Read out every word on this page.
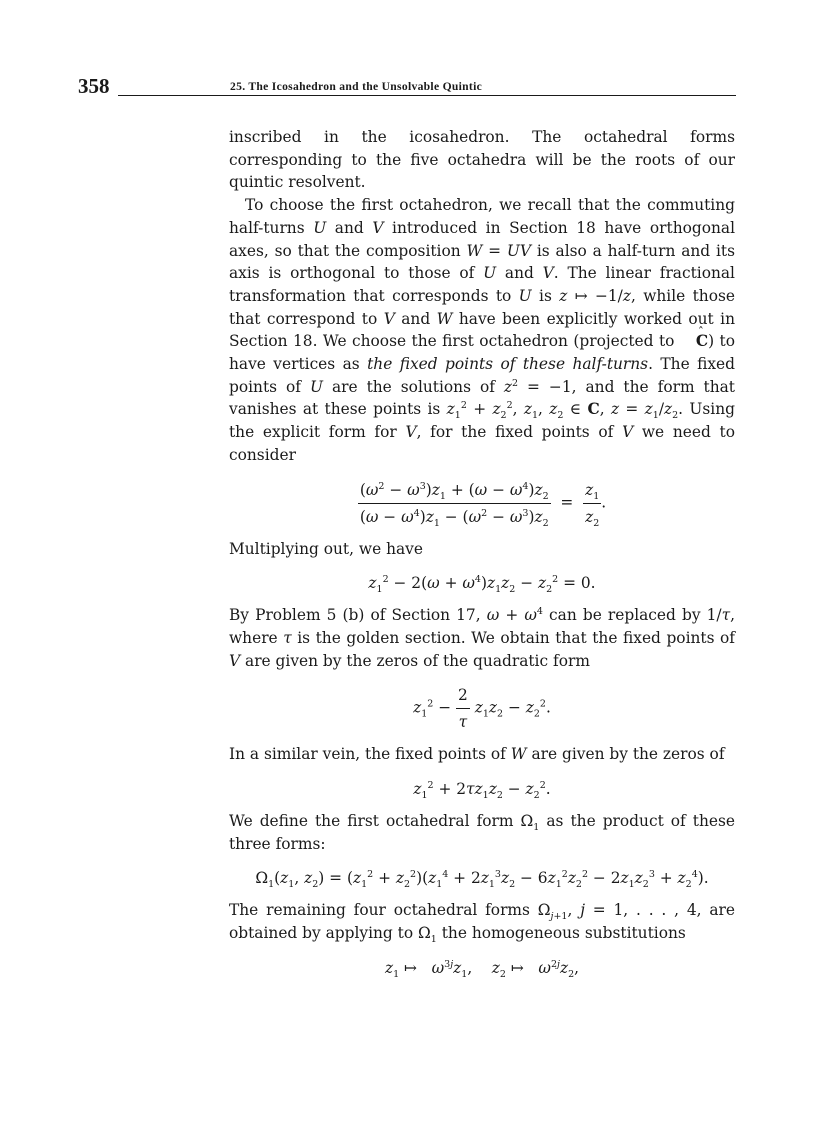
358	25. The Icosahedron and the Unsolvable Quintic

inscribed in the icosahedron. The octahedral forms corresponding to the five octahedra will be the roots of our quintic resolvent.

To choose the first octahedron, we recall that the commuting half-turns U and V introduced in Section 18 have orthogonal axes, so that the composition W = UV is also a half-turn and its axis is orthogonal to those of U and V. The linear fractional transformation that corresponds to U is z ↦ −1/z, while those that correspond to V and W have been explicitly worked out in Section 18. We choose the first octahedron (projected to ˆ C) to have vertices as the fixed points of these half-turns. The fixed points of U are the solutions of $z^2 = -1$, and the form that vanishes at these points is $z_1^2 + z_2^2$, $z_1$, $z_2$ ∈ C, $z = z_1/z_2$. Using the explicit form for V, for the fixed points of V we need to consider

$\frac{(\omega^2 - \omega^3)z_1 + (\omega - \omega^4)z_2}{(\omega - \omega^4)z_1 - (\omega^2 - \omega^3)z_2} = \frac{z_1}{z_2}$ .

Multiplying out, we have

$z_1^2 - 2(\omega + \omega^4)z_1z_2 - z_2^2 = 0$.

By Problem 5 (b) of Section 17, $\omega + \omega^4$ can be replaced by 1/τ, where τ is the golden section. We obtain that the fixed points of V are given by the zeros of the quadratic form

$z_1^2 - \frac{2}{\tau} z_1z_2 - z_2^2$.

In a similar vein, the fixed points of W are given by the zeros of

$z_1^2 + 2\tau z_1z_2 - z_2^2$.

We define the first octahedral form $\Omega_1$ as the product of these three forms:

$\Omega_1(z_1$, $z_2) = (z_1^2 + z_2^2)(z_1^4 + 2z_1^3z_2 - 6z_1^2z_2^2 - 2z_1z_2^3 + z_2^4)$.

The remaining four octahedral forms $\Omega_{j+1}$, j = 1, . . . , 4, are obtained by applying to $\Omega_1$ the homogeneous substitutions

$z_1$ ↦   $\omega^{3j}z_1$,    $z_2$ ↦   $\omega^{2j}z_2$,
